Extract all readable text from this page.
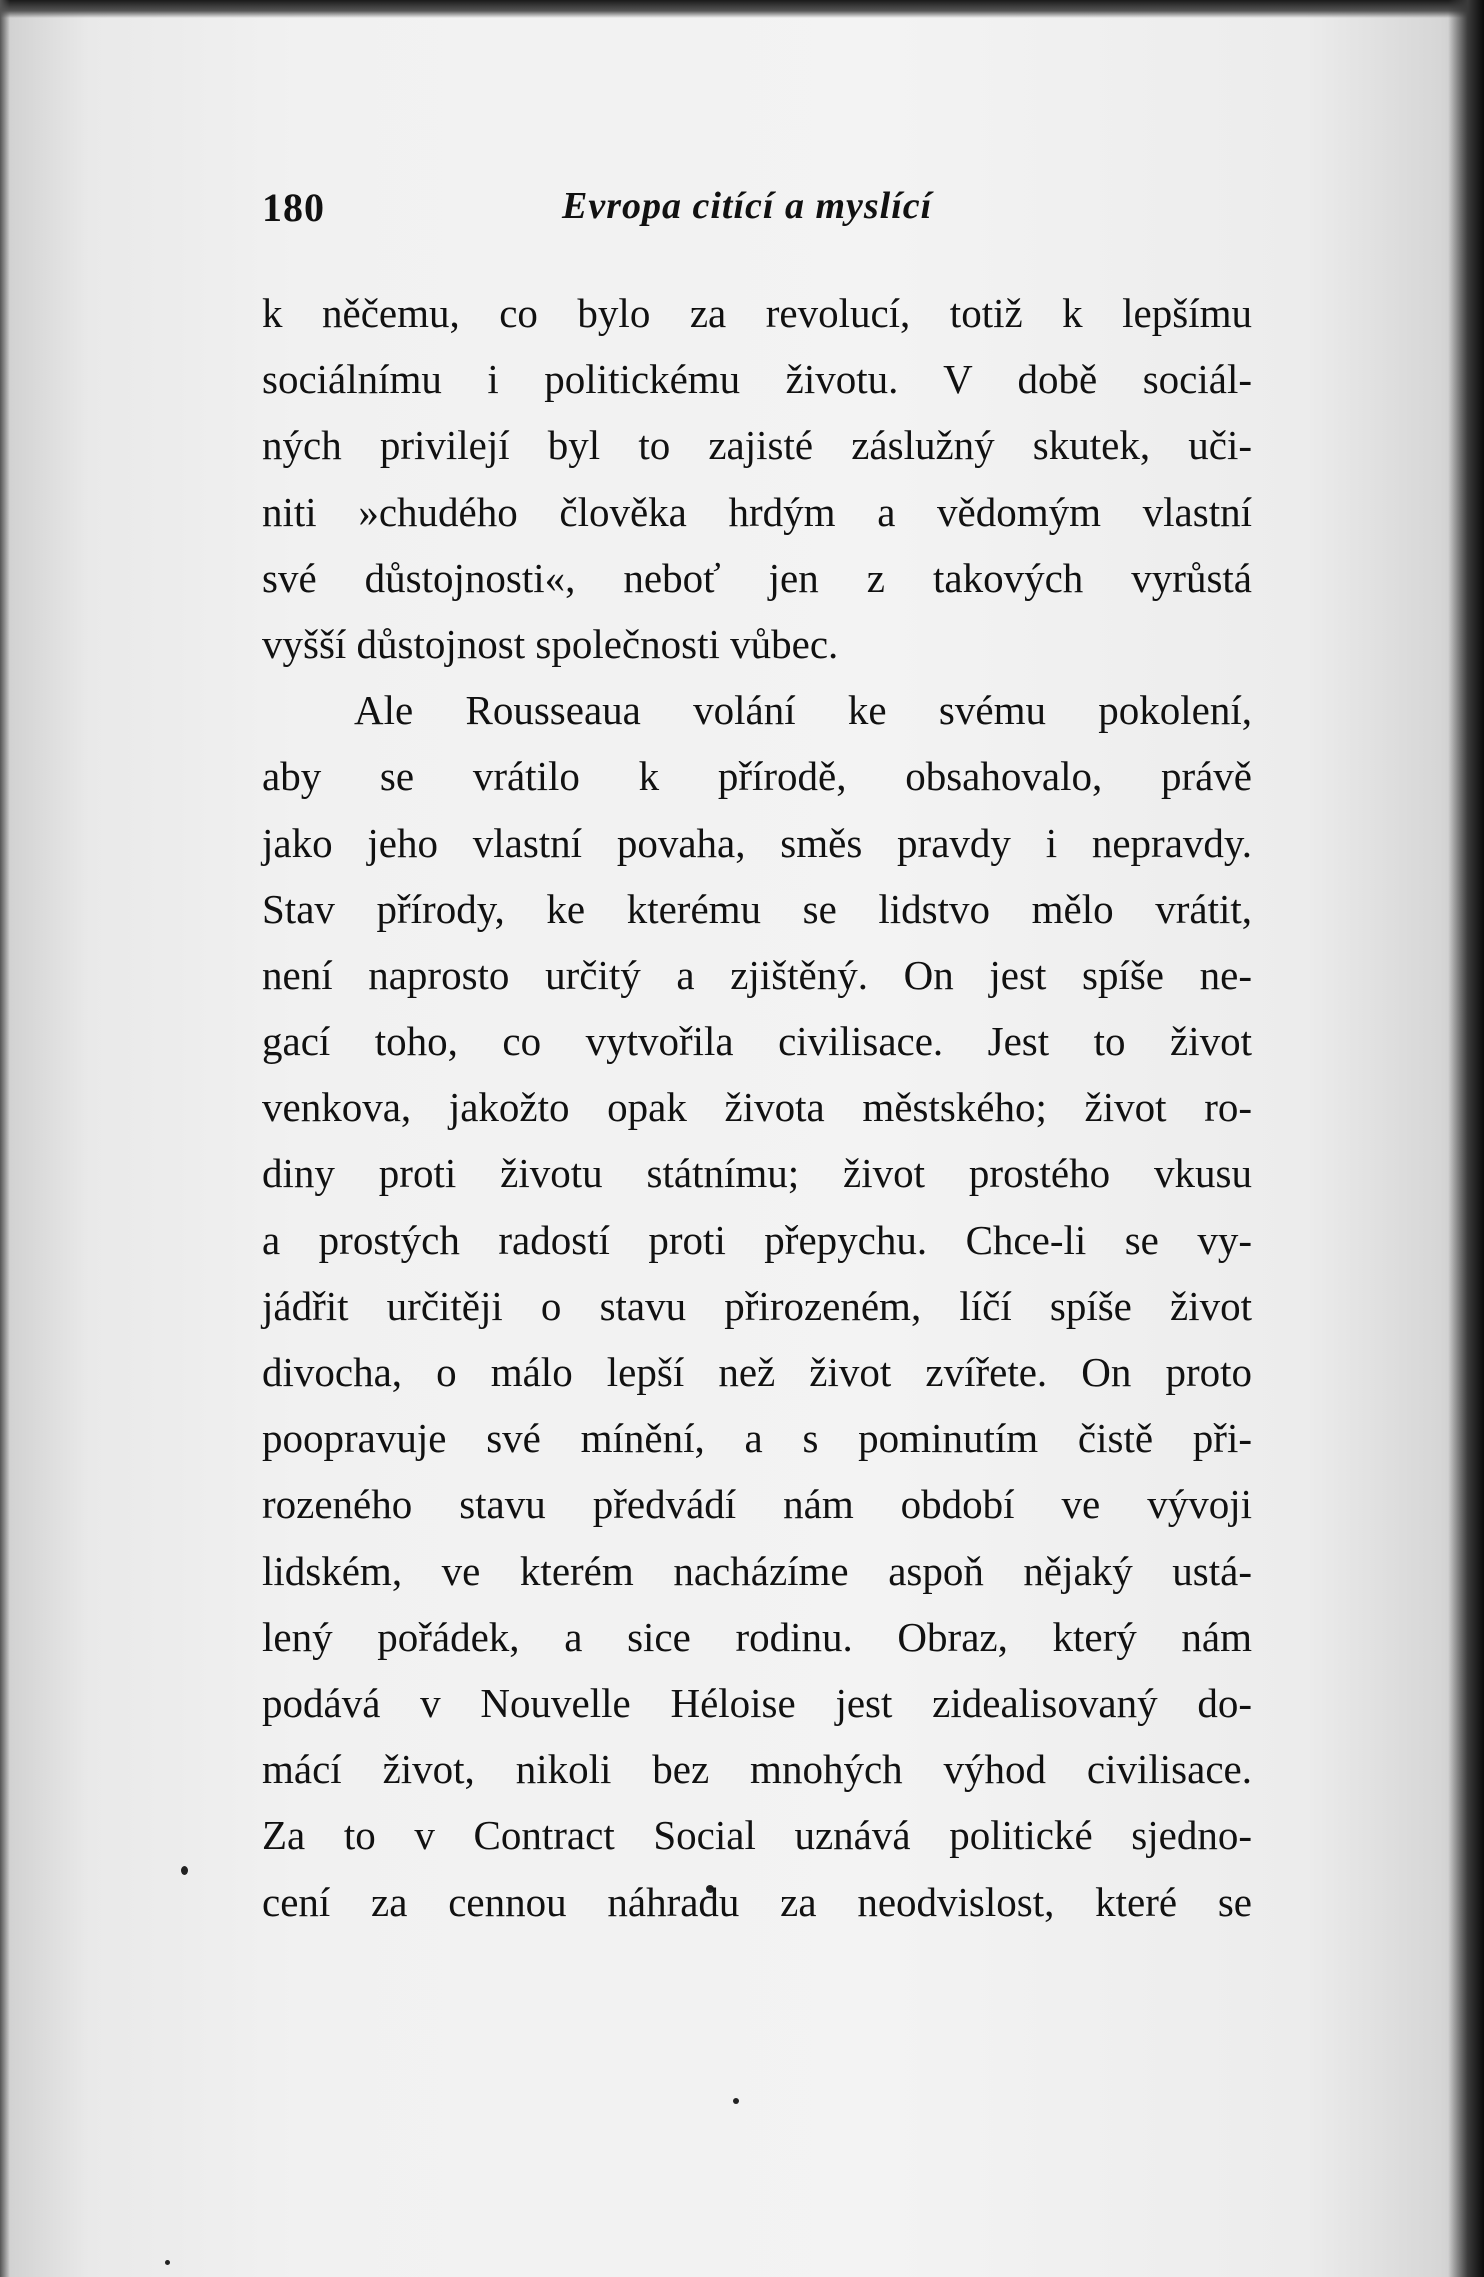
180	Evropa citící a myslící
k něčemu, co bylo za revolucí, totiž k lepšímu
sociálnímu i politickému životu. V době sociál-
ných privilejí byl to zajisté záslužný skutek, uči-
niti »chudého člověka hrdým a vědomým vlastní
své důstojnosti«, neboť jen z takových vyrůstá
vyšší důstojnost společnosti vůbec.
Ale Rousseaua volání ke svému pokolení,
aby se vrátilo k přírodě, obsahovalo, právě
jako jeho vlastní povaha, směs pravdy i nepravdy.
Stav přírody, ke kterému se lidstvo mělo vrátit,
není naprosto určitý a zjištěný. On jest spíše ne-
gací toho, co vytvořila civilisace. Jest to život
venkova, jakožto opak života městského; život ro-
diny proti životu státnímu; život prostého vkusu
a prostých radostí proti přepychu. Chce-li se vy-
jádřit určitěji o stavu přirozeném, líčí spíše život
divocha, o málo lepší než život zvířete. On proto
poopravuje své mínění, a s pominutím čistě při-
rozeného stavu předvádí nám období ve vývoji
lidském, ve kterém nacházíme aspoň nějaký ustá-
lený pořádek, a sice rodinu. Obraz, který nám
podává v Nouvelle Héloise jest zidealisovaný do-
mácí život, nikoli bez mnohých výhod civilisace.
Za to v Contract Social uznává politické sjedno-
cení za cennou náhradu za neodvislost, které se
